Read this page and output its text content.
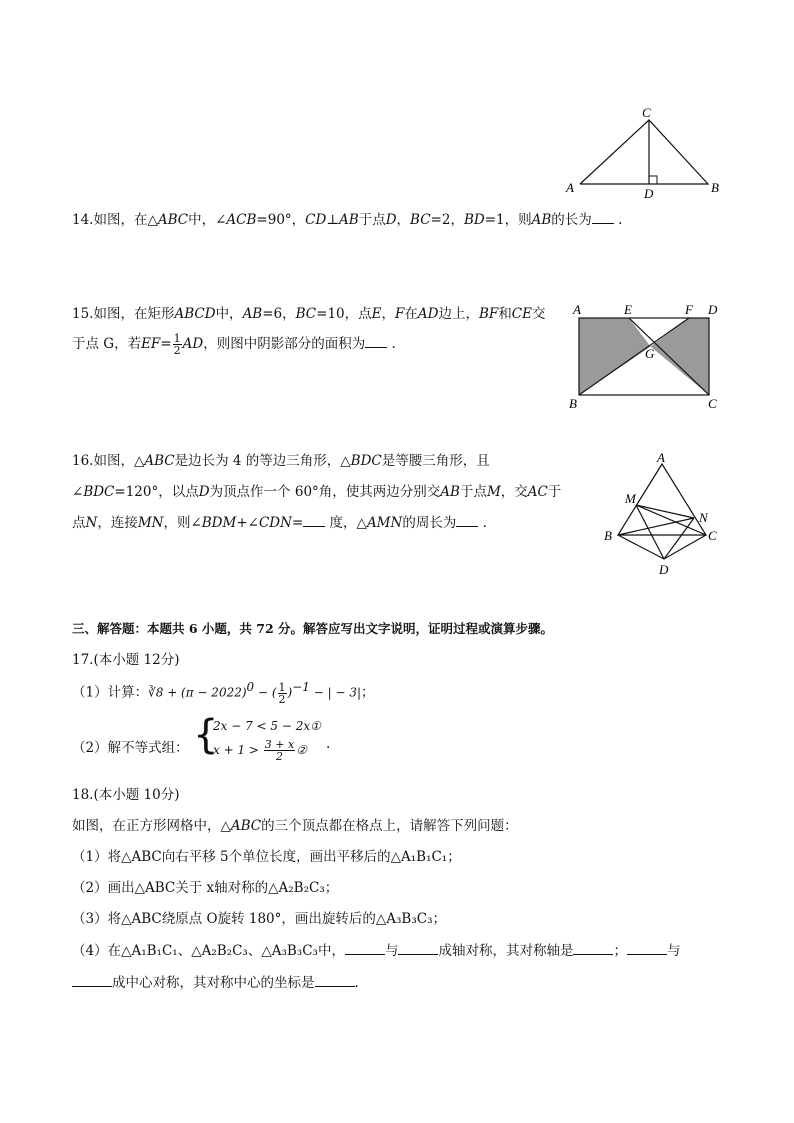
C
A	D	B
14.如图，在△ABC中，∠ACB=90°，CD⊥AB于点D，BC=2，BD=1，则AB的长为 .
15.如图，在矩形ABCD中，AB=6，BC=10，点E，F在AD边上，BF和CE交
于点 G，若$EF= \frac{1}{2}$ AD，则图中阴影部分的面积为 .
A	E	F D
G
B	C
16.如图，△ABC是边长为 4 的等边三角形，△BDC是等腰三角形，且
∠BDC=120°，以点D为顶点作一个 60°角，使其两边分别交AB于点M，交AC于
点N，连接MN，则∠BDM+∠CDN= 度，△AMN的周长为 .
A
M
N
B	C
D
三、解答题：本题共 6 小题，共 72 分。解答应写出文字说明，证明过程或演算步骤。
17.(本小题 12分)
（1）计算：∛8 + $(\pi - 2022)^0$ − ( $\frac{1}{2} )^{-1}$ − | − 3|；
（2）解不等式组： {
2x − 7 < 5 − 2x①
$x + 1 > \frac{3 + x}{2}$ ② .
18.(本小题 10分)
如图，在正方形网格中，△ABC的三个顶点都在格点上，请解答下列问题：
（1）将△ABC向右平移 5个单位长度，画出平移后的△A₁B₁C₁；
（2）画出△ABC关于 x轴对称的△A₂B₂C₃；
（3）将△ABC绕原点 O旋转 180°，画出旋转后的△A₃B₃C₃；
（4）在△A₁B₁C₁、△A₂B₂C₃、△A₃B₃C₃中，	与	成轴对称，其对称轴是	；	与
成中心对称，其对称中心的坐标是	.
